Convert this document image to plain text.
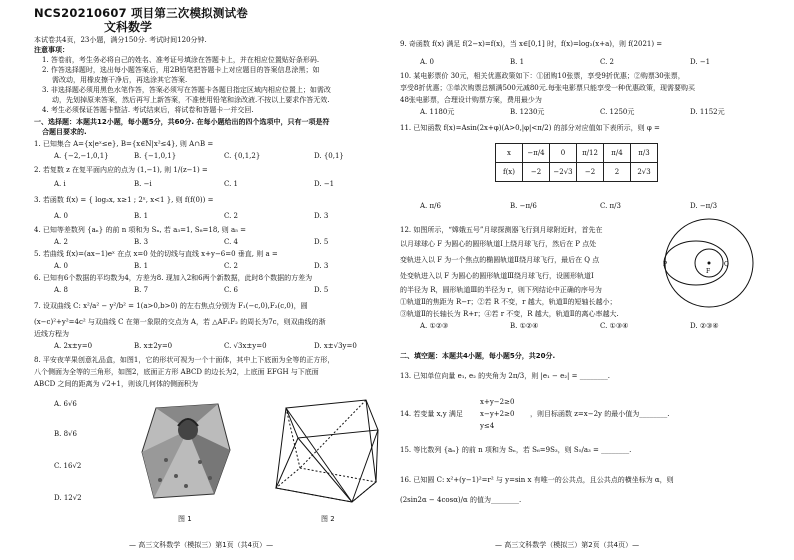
NCS20210607 项目第三次模拟测试卷
文科数学
本试卷共4页，23小题，满分150分. 考试时间120分钟.
注意事项：
1. 答卷前，考生务必将自己的姓名、准考证号填涂在答题卡上，并在相应位置贴好条形码.
2. 作答选择题时，选出每小题答案后，用2B铅笔把答题卡上对应题目的答案信息涂黑；如
需改动，用橡皮擦干净后，再选涂其它答案.
3. 非选择题必须用黑色水笔作答，答案必须写在答题卡各题目指定区域内相应位置上；如需改
动，先划掉原来答案，然后再写上新答案，不准使用铅笔和涂改液.不按以上要求作答无效.
4. 考生必须保证答题卡整洁. 考试结束后，将试卷和答题卡一并交回.
一、选择题：本题共12小题，每小题5分，共60分. 在每小题给出的四个选项中，只有一项是符
合题目要求的.
1. 已知集合 A={x|eˣ≤e}, B={x∈N|x²≤4}, 则 A∩B =
A. {−2,−1,0,1}	B. {−1,0,1}	C. {0,1,2}	D. {0,1}
2. 若复数 z 在复平面内应的点为 (1,−1), 则 1/(z−1) =
A. i	B. −i	C. 1	D. −1
3. 若函数 f(x) = { log₃x, x≥1 ; 2ˣ, x<1 }, 则 f(f(0)) =
A. 0	B. 1	C. 2	D. 3
4. 已知等差数列 {aₙ} 的前 n 项和为 Sₙ, 若 a₃=1, S₈=18, 则 a₅ =
A. 2	B. 3	C. 4	D. 5
5. 若曲线 f(x)=(ax−1)eˣ 在点 x=0 处的切线与直线 x+y−6=0 垂直, 则 a =
A. 0	B. 1	C. 2	D. 3
6. 已知有6个数据的平均数为4，方差为8. 现加入2和6两个新数据，此时8个数据的方差为
A. 8	B. 7	C. 6	D. 5
7. 设双曲线 C: x²/a² − y²/b² = 1(a>0,b>0) 的左右焦点分别为 F₁(−c,0),F₂(c,0)，圆
(x−c)²+y²=4c² 与双曲线 C 在第一象限的交点为 A，若 △AF₁F₂ 的周长为7c，则双曲线的渐
近线方程为
A. 2x±y=0	B. x±2y=0	C. √3x±y=0	D. x±√3y=0
8. 平安夜苹果创意礼品盒，如图1，它的形状可视为一个十面体，其中上下底面为全等的正方形，
八个侧面为全等的三角形，如图2，底面正方形 ABCD 的边长为2，上底面 EFGH 与下底面
ABCD 之间的距离为 √2+1，则该几何体的侧面积为
A. 6√6
B. 8√6
C. 16√2
D. 12√2
图 1	图 2
— 高三文科数学（模拟三）第1页（共4页）—
9. 奇函数 f(x) 满足 f(2−x)=f(x)，当 x∈[0,1] 时，f(x)=log₂(x+a)，则 f(2021) =
A. 0	B. 1	C. 2	D. −1
10. 某电影票价 30元，相关优惠政策如下：①团购10张票，享受9折优惠；②购票30张票，
享受8折优惠；③单次购票总额满500元减80元.每张电影票只能享受一种优惠政策，现需要购买
48张电影票，合理设计购票方案，费用最少为
A. 1180元	B. 1230元	C. 1250元	D. 1152元
11. 已知函数 f(x)=Asin(2x+φ)(A>0,|φ|<π/2) 的部分对应值如下表所示，则 φ =
x	−π/4	0	π/12	π/4	π/3
f(x)	−2	−2√3	−2	2	2√3
A. π/6	B. −π/6	C. π/3	D. −π/3
12. 如图所示，“嫦娥五号”月球探测器飞行到月球附近时，首先在
以月球球心 F 为圆心的圆形轨道Ⅰ上绕月球飞行，然后在 P 点处
变轨进入以 F 为一个焦点的椭圆轨道Ⅱ绕月球飞行，最后在 Q 点
处变轨进入以 F 为圆心的圆形轨道Ⅲ绕月球飞行，设圆形轨道Ⅰ
的半径为 R，圆形轨道Ⅲ的半径为 r，则下列结论中正确的序号为
①轨道Ⅱ的焦距为 R−r；②若 R 不变，r 越大，轨道Ⅱ的短轴长越小；
③轨道Ⅱ的长轴长为 R+r；④若 r 不变，R 越大，轨道Ⅱ的离心率越大.
A. ①②③	B. ①②④	C. ①③④	D. ②③④
F
P	Q
二、填空题：本题共4小题，每小题5分，共20分.
13. 已知单位向量 e₁, e₂ 的夹角为 2π/3，则 |e₁ − e₂| = ________.
14. 若变量 x,y 满足
x+y−2≥0
x−y+2≥0
y≤4
，则目标函数 z=x−2y 的最小值为________.
15. 等比数列 {aₙ} 的前 n 项和为 Sₙ，若 S₆=9S₃，则 S₅/a₃ = ________.
16. 已知圆 C: x²+(y−1)²=r² 与 y=sin x 有唯一的公共点，且公共点的横坐标为 α，则
(2sin2α − 4cosα)/α 的值为________.
— 高三文科数学（模拟三）第2页（共4页）—
